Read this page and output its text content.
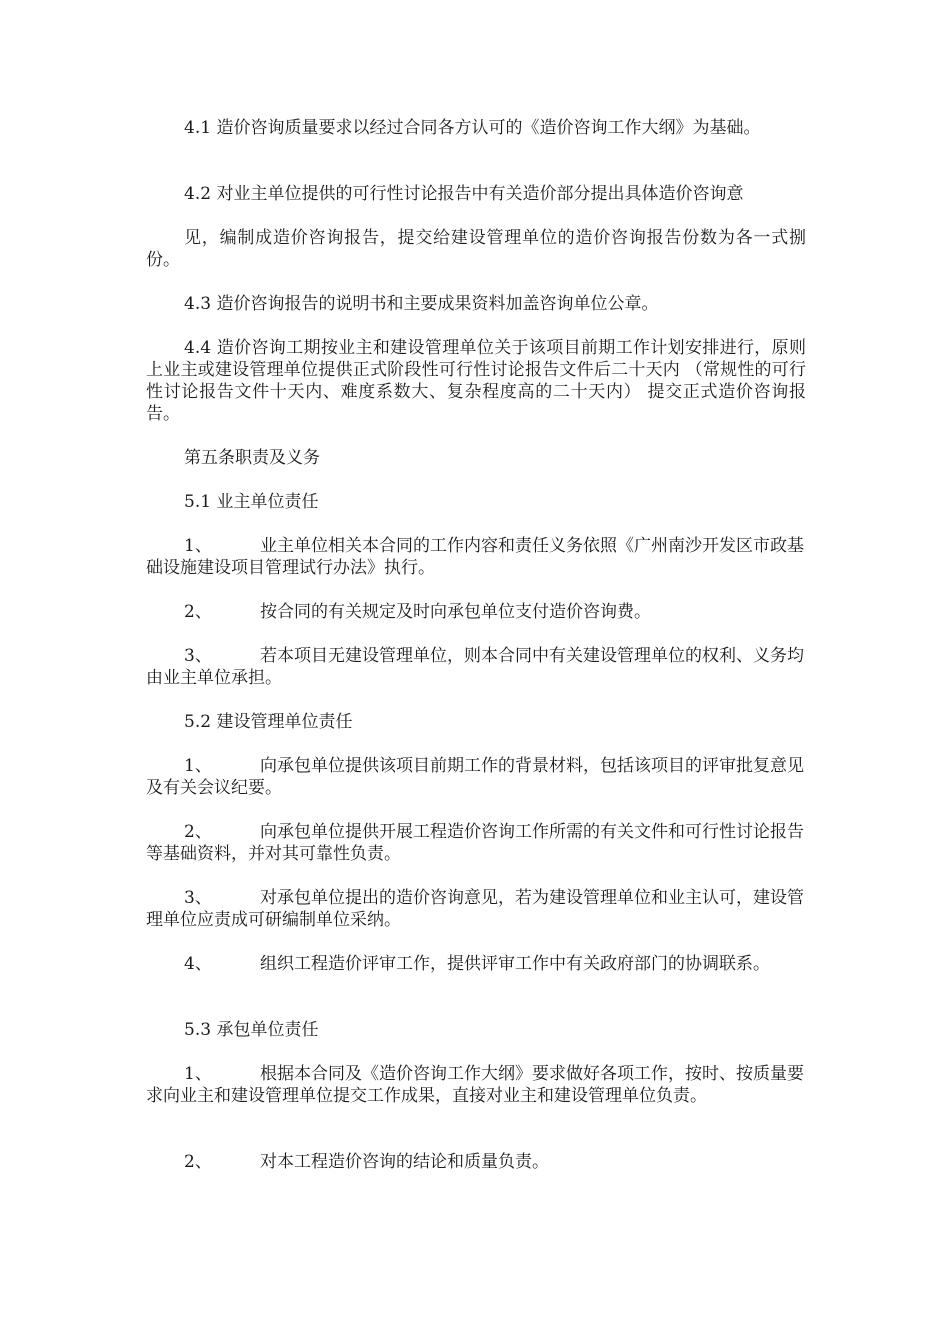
4.1 造价咨询质量要求以经过合同各方认可的《造价咨询工作大纲》为基础。
4.2 对业主单位提供的可行性讨论报告中有关造价部分提出具体造价咨询意
见，编制成造价咨询报告，提交给建设管理单位的造价咨询报告份数为各一式捌 份。
4.3 造价咨询报告的说明书和主要成果资料加盖咨询单位公章。
4.4 造价咨询工期按业主和建设管理单位关于该项目前期工作计划安排进行，原则上业主或建设管理单位提供正式阶段性可行性讨论报告文件后二十天内 （常规性的可行性讨论报告文件十天内、难度系数大、复杂程度高的二十天内） 提交正式造价咨询报告。
第五条职责及义务
5.1 业主单位责任
1、	业主单位相关本合同的工作内容和责任义务依照《广州南沙开发区市政基 础设施建设项目管理试行办法》执行。
2、	按合同的有关规定及时向承包单位支付造价咨询费。
3、	若本项目无建设管理单位，则本合同中有关建设管理单位的权利、义务均 由业主单位承担。
5.2 建设管理单位责任
1、	向承包单位提供该项目前期工作的背景材料，包括该项目的评审批复意见 及有关会议纪要。
2、	向承包单位提供开展工程造价咨询工作所需的有关文件和可行性讨论报告 等基础资料，并对其可靠性负责。
3、	对承包单位提出的造价咨询意见，若为建设管理单位和业主认可，建设管 理单位应责成可研编制单位采纳。
4、	组织工程造价评审工作，提供评审工作中有关政府部门的协调联系。
5.3 承包单位责任
1、	根据本合同及《造价咨询工作大纲》要求做好各项工作，按时、按质量要 求向业主和建设管理单位提交工作成果，直接对业主和建设管理单位负责。
2、	对本工程造价咨询的结论和质量负责。
